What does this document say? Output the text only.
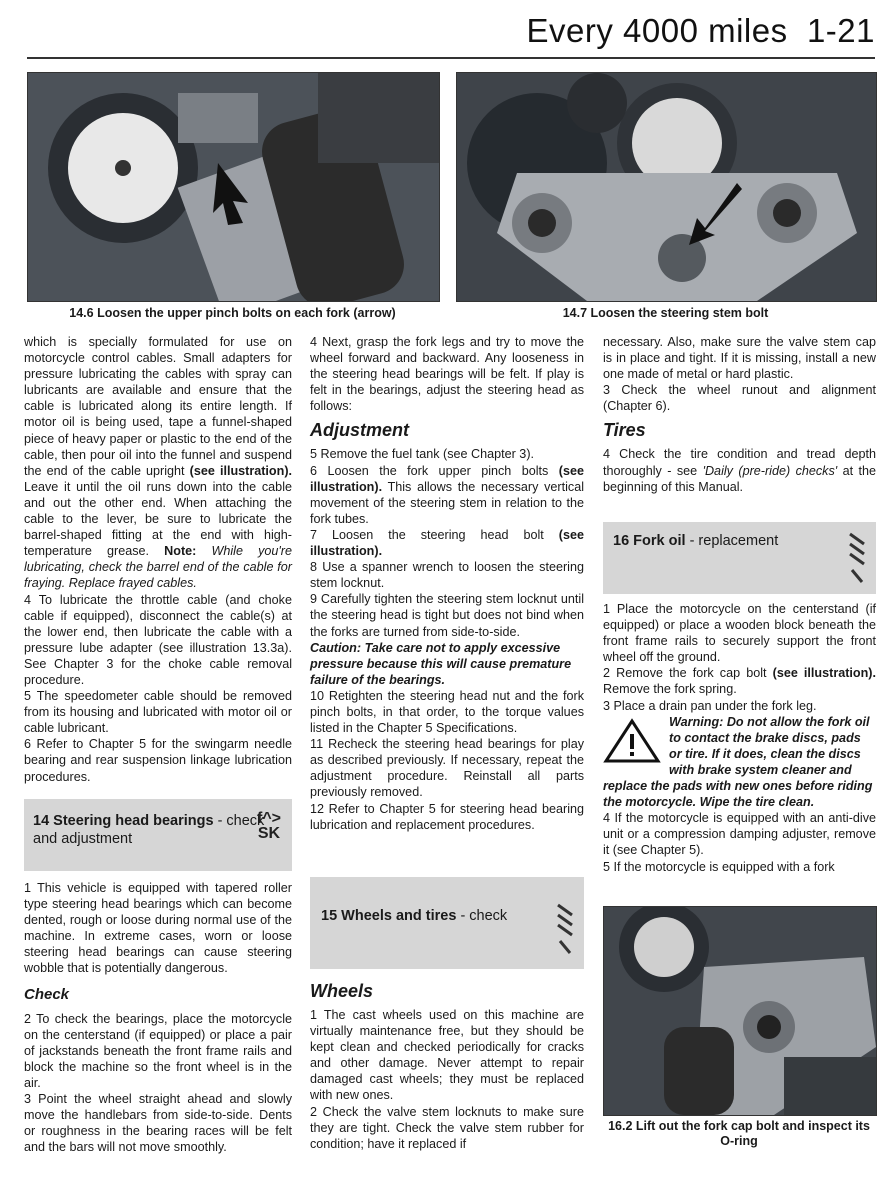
Every 4000 miles 1-21
14.6 Loosen the upper pinch bolts on each fork (arrow)	14.7 Loosen the steering stem bolt

which is specially formulated for use on motorcycle control cables. Small adapters for pressure lubricating the cables with spray can lubricants are available and ensure that the cable is lubricated along its entire length. If motor oil is being used, tape a funnel-shaped piece of heavy paper or plastic to the end of the cable, then pour oil into the funnel and suspend the end of the cable upright (see illustration). Leave it until the oil runs down into the cable and out the other end. When attaching the cable to the lever, be sure to lubricate the barrel-shaped fitting at the end with high-temperature grease. Note: While you're lubricating, check the barrel end of the cable for fraying. Replace frayed cables.

4 To lubricate the throttle cable (and choke cable if equipped), disconnect the cable(s) at the lower end, then lubricate the cable with a pressure lube adapter (see illustration 13.3a). See Chapter 3 for the choke cable removal procedure.

5 The speedometer cable should be removed from its housing and lubricated with motor oil or cable lubricant.

6 Refer to Chapter 5 for the swingarm needle bearing and rear suspension linkage lubrication procedures.

14 Steering head bearings - check and adjustment
f^> SK

1 This vehicle is equipped with tapered roller type steering head bearings which can become dented, rough or loose during normal use of the machine. In extreme cases, worn or loose steering head bearings can cause steering wobble that is potentially dangerous.

Check

2 To check the bearings, place the motorcycle on the centerstand (if equipped) or place a pair of jackstands beneath the front frame rails and block the machine so the front wheel is in the air.

3 Point the wheel straight ahead and slowly move the handlebars from side-to-side. Dents or roughness in the bearing races will be felt and the bars will not move smoothly.

4 Next, grasp the fork legs and try to move the wheel forward and backward. Any looseness in the steering head bearings will be felt. If play is felt in the bearings, adjust the steering head as follows:

Adjustment

5 Remove the fuel tank (see Chapter 3).

6 Loosen the fork upper pinch bolts (see illustration). This allows the necessary vertical movement of the steering stem in relation to the fork tubes.

7 Loosen the steering head bolt (see illustration).

8 Use a spanner wrench to loosen the steering stem locknut.

9 Carefully tighten the steering stem locknut until the steering head is tight but does not bind when the forks are turned from side-to-side.

Caution: Take care not to apply excessive pressure because this will cause premature failure of the bearings.

10 Retighten the steering head nut and the fork pinch bolts, in that order, to the torque values listed in the Chapter 5 Specifications.

11 Recheck the steering head bearings for play as described previously. If necessary, repeat the adjustment procedure. Reinstall all parts previously removed.

12 Refer to Chapter 5 for steering head bearing lubrication and replacement procedures.

15 Wheels and tires - check
Wheels

1 The cast wheels used on this machine are virtually maintenance free, but they should be kept clean and checked periodically for cracks and other damage. Never attempt to repair damaged cast wheels; they must be replaced with new ones.

2 Check the valve stem locknuts to make sure they are tight. Check the valve stem rubber for condition; have it replaced if

necessary. Also, make sure the valve stem cap is in place and tight. If it is missing, install a new one made of metal or hard plastic.

3 Check the wheel runout and alignment (Chapter 6).

Tires

4 Check the tire condition and tread depth thoroughly - see 'Daily (pre-ride) checks' at the beginning of this Manual.

16 Fork oil - replacement

1 Place the motorcycle on the centerstand (if equipped) or place a wooden block beneath the front frame rails to securely support the front wheel off the ground.

2 Remove the fork cap bolt (see illustration). Remove the fork spring.

3 Place a drain pan under the fork leg.

Warning: Do not allow the fork oil to contact the brake discs, pads or tire. If it does, clean the discs with brake system cleaner and replace the pads with new ones before riding the motorcycle. Wipe the tire clean.

4 If the motorcycle is equipped with an anti-dive unit or a compression damping adjuster, remove it (see Chapter 5).

5 If the motorcycle is equipped with a fork

16.2 Lift out the fork cap bolt and inspect its O-ring
